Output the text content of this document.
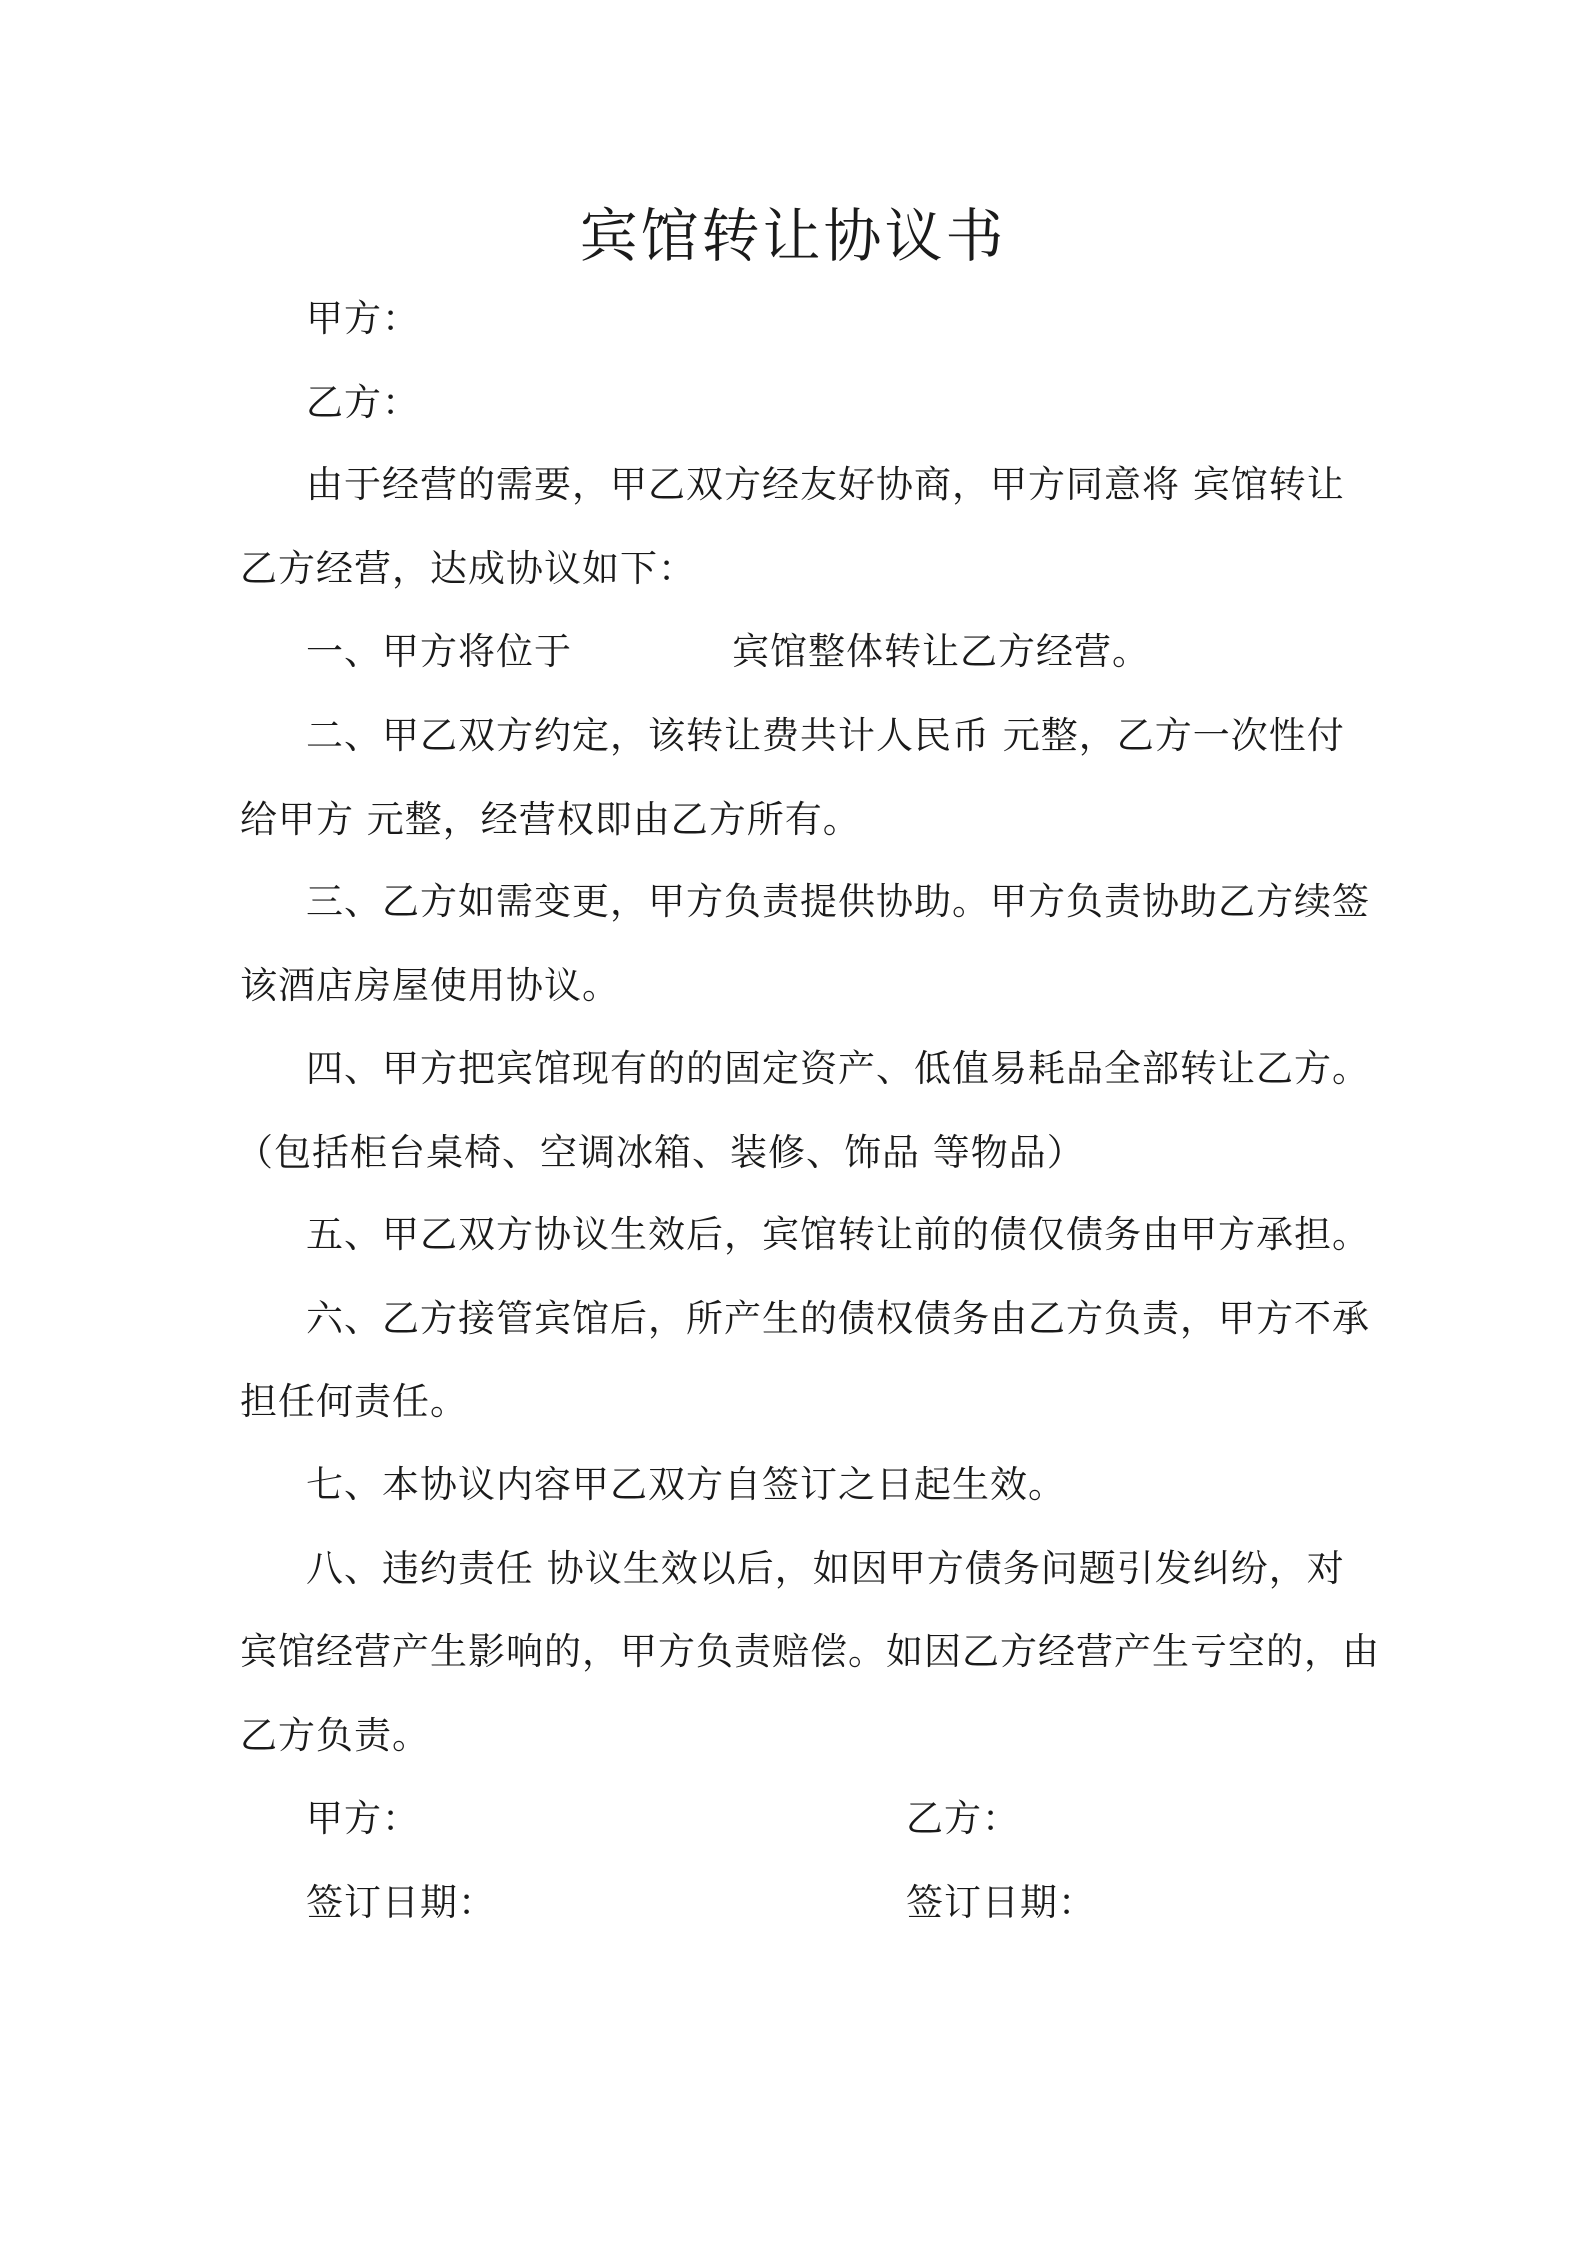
宾馆转让协议书
甲方：
乙方：
由于经营的需要，甲乙双方经友好协商，甲方同意将 宾馆转让
乙方经营，达成协议如下：
一、甲方将位于	宾馆整体转让乙方经营。
二、甲乙双方约定，该转让费共计人民币 元整，乙方一次性付
给甲方 元整，经营权即由乙方所有。
三、乙方如需变更，甲方负责提供协助。甲方负责协助乙方续签
该酒店房屋使用协议。
四、甲方把宾馆现有的的固定资产、低值易耗品全部转让乙方。
（包括柜台桌椅、空调冰箱、装修、饰品 等物品）
五、甲乙双方协议生效后，宾馆转让前的债仅债务由甲方承担。
六、乙方接管宾馆后，所产生的债权债务由乙方负责，甲方不承
担任何责任。
七、本协议内容甲乙双方自签订之日起生效。
八、违约责任 协议生效以后，如因甲方债务问题引发纠纷，对
宾馆经营产生影响的，甲方负责赔偿。如因乙方经营产生亏空的，由
乙方负责。
甲方：	乙方：
签订日期：	签订日期：
